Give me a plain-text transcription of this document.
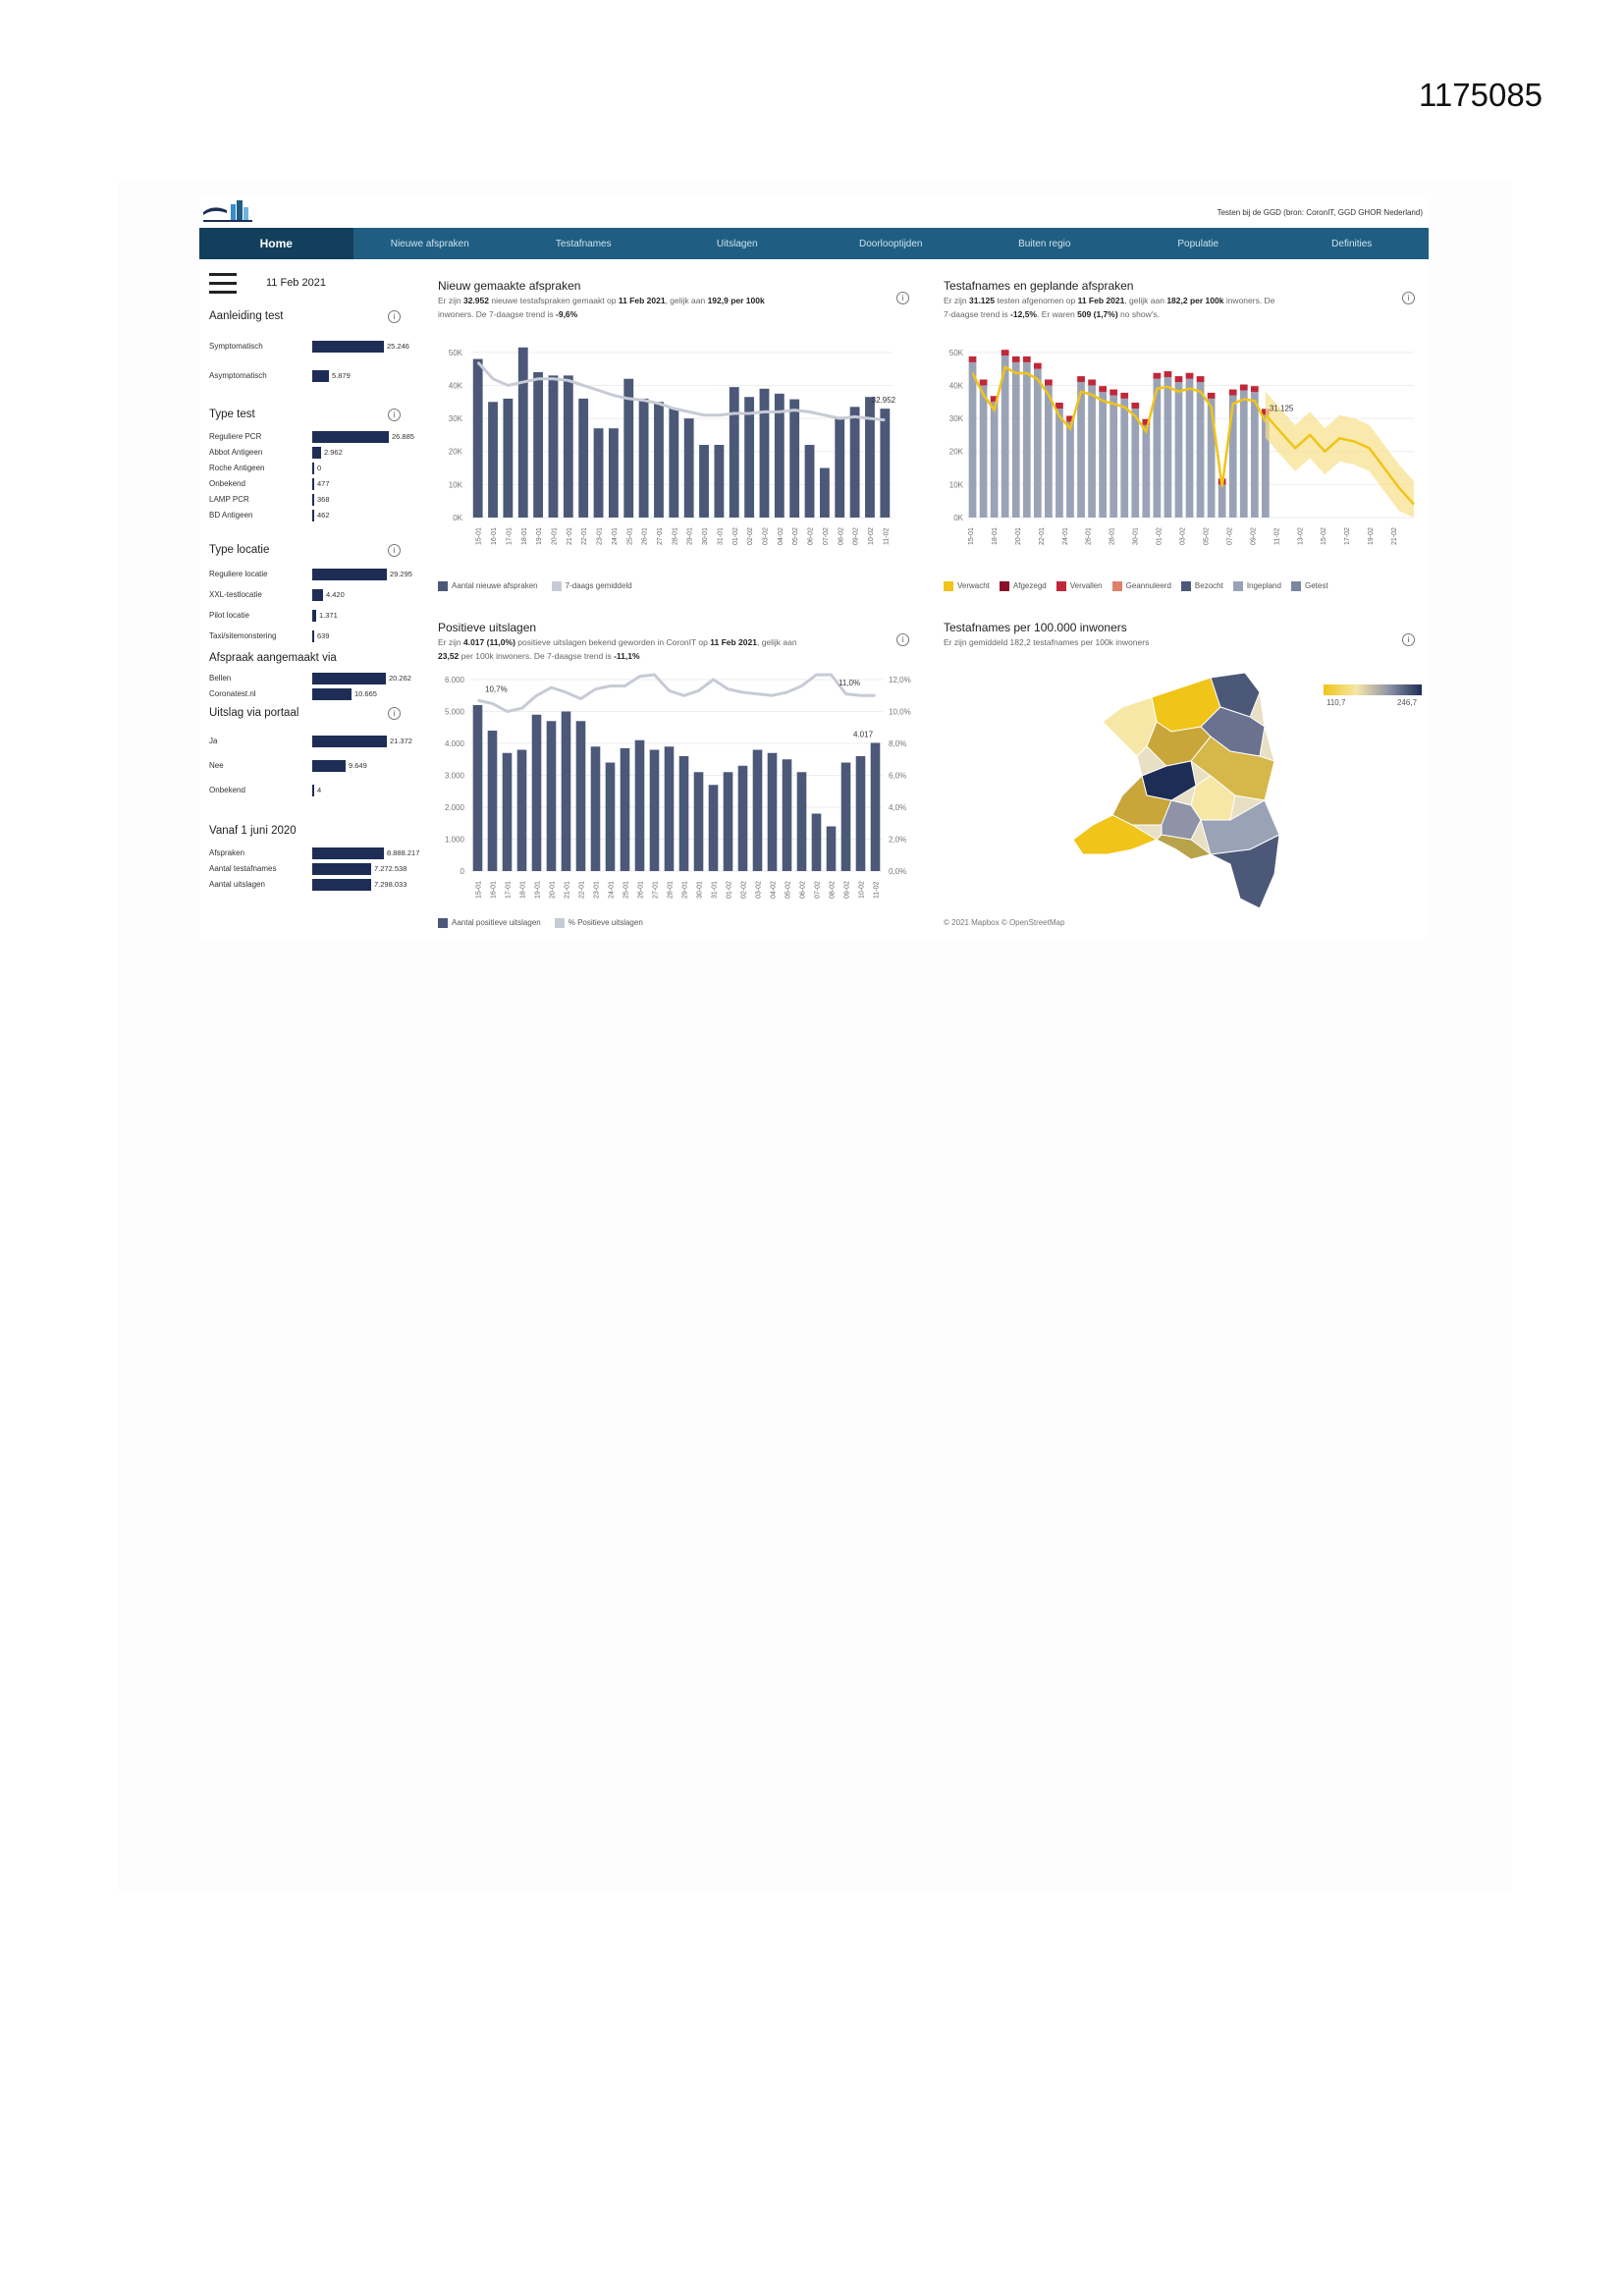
1175085
Testen bij de GGD (bron: CoronIT, GGD GHOR Nederland)
Home	Nieuwe afspraken	Testafnames	Uitslagen	Doorlooptijden	Buiten regio	Populatie	Definities
11 Feb 2021
Aanleiding test	i
Symptomatisch	25.246
Asymptomatisch	5.879
Type test	i
Reguliere PCR	26.885
Abbot Antigeen	2.962
Roche Antigeen	0
Onbekend	477
LAMP PCR	368
BD Antigeen	462
Type locatie	i
Reguliere locatie	29.295
XXL-testlocatie	4.420
Pilot locatie	1.371
Taxi/sitemonstering	639
Afspraak aangemaakt via
Bellen	20.262
Coronatest.nl	10.665
Uitslag via portaal	i
Ja	21.372
Nee	9.649
Onbekend	4
Vanaf 1 juni 2020
Afspraken	8.888.217
Aantal testafnames	7.272.538
Aantal uitslagen	7.298.033
Nieuw gemaakte afspraken
Er zijn 32.952 nieuwe testafspraken gemaakt op 11 Feb 2021, gelijk aan 192,9 per 100k
inwoners. De 7-daagse trend is -9,6%
i
0K
10K
20K
30K
40K
50K
15-01 16-01 17-01 18-01 19-01 20-01 21-01 22-01 23-01 24-01 25-01 26-01 27-01 28-01 29-01 30-01 31-01 01-02 02-02 03-02 04-02 05-02 06-02 07-02 08-02 09-02 10-02 11-02
32.952
Aantal nieuwe afspraken	7-daags gemiddeld
Testafnames en geplande afspraken
Er zijn 31.125 testen afgenomen op 11 Feb 2021, gelijk aan 182,2 per 100k inwoners. De
7-daagse trend is -12,5%. Er waren 509 (1,7%) no show's.
i
0K
10K
20K
30K
40K
50K
31.125
15-01 18-01 20-01 22-01 24-01 26-01 28-01 30-01 01-02 03-02 05-02 07-02 09-02 11-02 13-02 15-02 17-02 19-02 21-02
Verwacht	Afgezegd	Vervallen	Geannuleerd	Bezocht	Ingepland	Getest
Positieve uitslagen
Er zijn 4.017 (11,0%) positieve uitslagen bekend geworden in CoronIT op 11 Feb 2021, gelijk aan
23,52 per 100k inwoners. De 7-daagse trend is -11,1%
i
0	0,0%
1.000	2,0%
2.000	4,0%
3.000	6,0%
4.000	8,0%
5.000	10,0%
6.000	12,0%
15-01 16-01 17-01 18-01 19-01 20-01 21-01 22-01 23-01 24-01 25-01 26-01 27-01 28-01 29-01 30-01 31-01 01-02 02-02 03-02 04-02 05-02 06-02 07-02 08-02 09-02 10-02 11-02
10,7%
11,0%
4.017
Aantal positieve uitslagen	% Positieve uitslagen
Testafnames per 100.000 inwoners
Er zijn gemiddeld 182,2 testafnames per 100k inwoners	i
110,7	246,7
© 2021 Mapbox © OpenStreetMap
